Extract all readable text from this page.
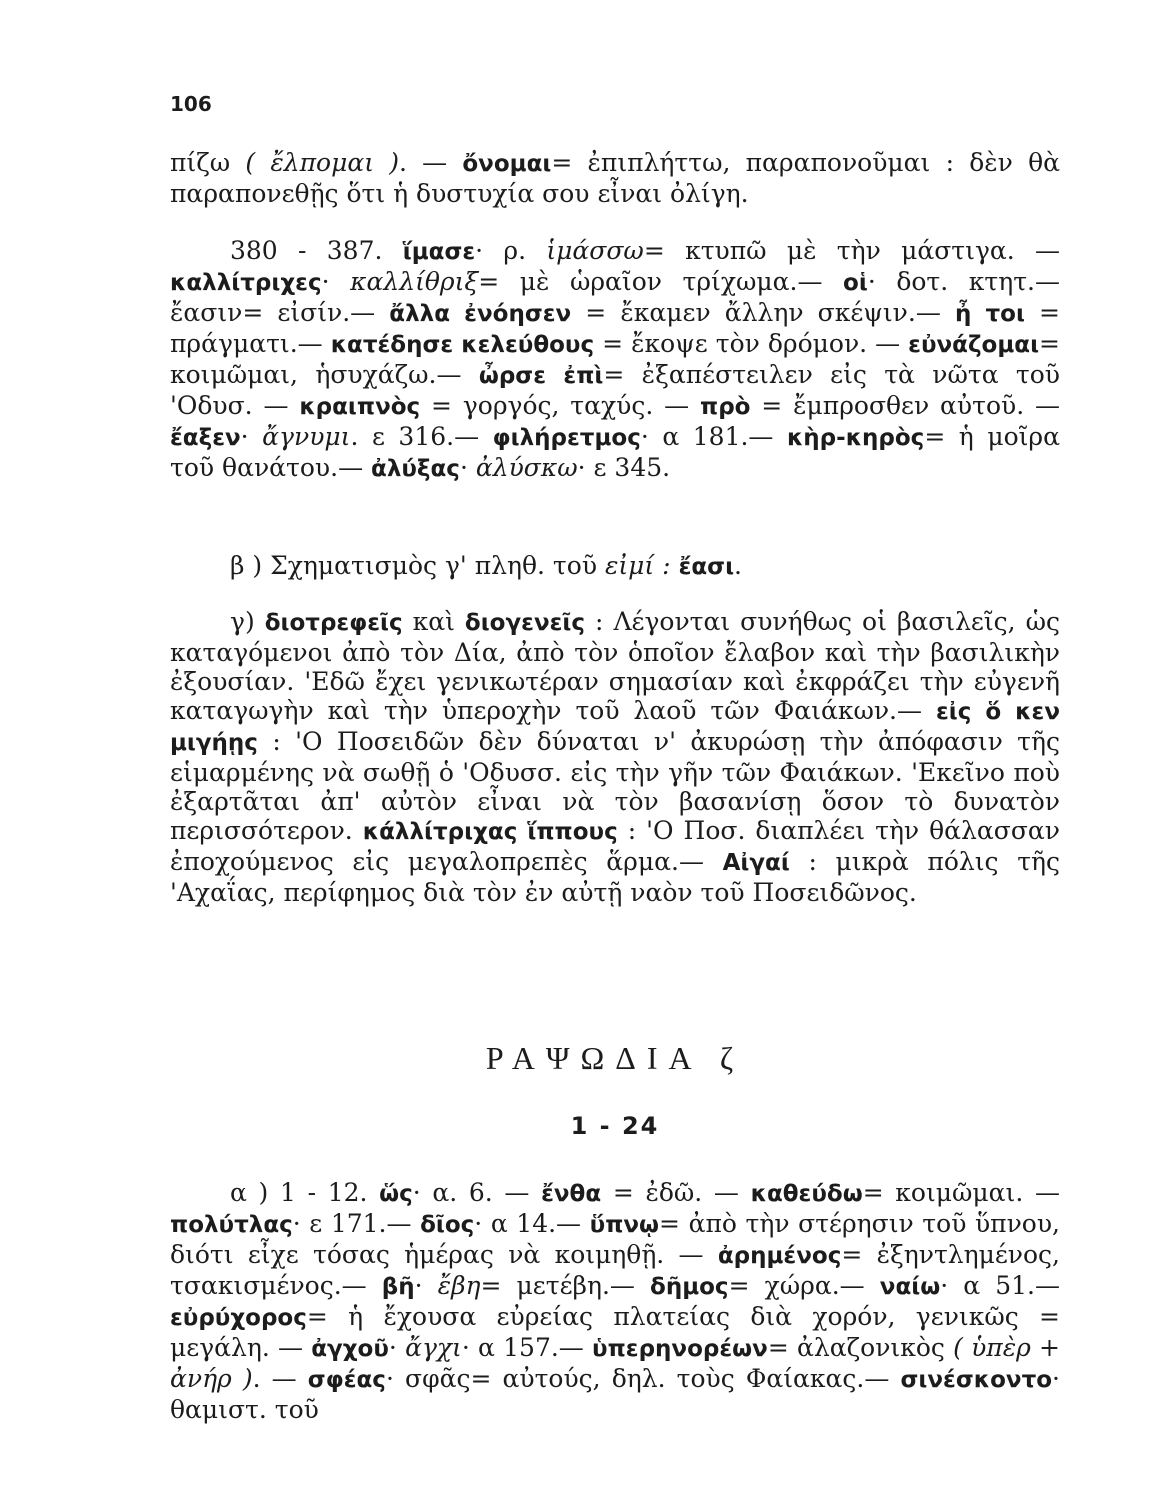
106

πίζω ( ἔλπομαι ). — ὄνομαι= ἐπιπλήττω, παραπονοῦμαι : δὲν θὰ παραπονεθῇς ὅτι ἡ δυστυχία σου εἶναι ὀλίγη.

380 - 387. ἵμασε· ρ. ἱμάσσω= κτυπῶ μὲ τὴν μάστιγα. — καλλίτριχες· καλλίθριξ= μὲ ὡραῖον τρίχωμα.— οἱ· δοτ. κτητ.— ἔασιν= εἰσίν.— ἄλλα ἐνόησεν = ἔκαμεν ἄλλην σκέψιν.— ἦ τοι = πράγματι.— κατέδησε κελεύθους = ἔκοψε τὸν δρόμον. — εὐνάζομαι= κοιμῶμαι, ἡσυχάζω.— ὦρσε ἐπὶ= ἐξαπέστειλεν εἰς τὰ νῶτα τοῦ 'Οδυσ. — κραιπνὸς = γοργός, ταχύς. — πρὸ = ἔμπροσθεν αὐτοῦ. — ἔαξεν· ἄγνυμι. ε 316.— φιλήρετμος· α 181.— κὴρ-κηρὸς= ἡ μοῖρα τοῦ θανάτου.— ἀλύξας· ἀλύσκω· ε 345.

β ) Σχηματισμὸς γ' πληθ. τοῦ εἰμί : ἔασι.

γ) διοτρεφεῖς καὶ διογενεῖς : Λέγονται συνήθως οἱ βασιλεῖς, ὡς καταγόμενοι ἀπὸ τὸν Δία, ἀπὸ τὸν ὁποῖον ἔλαβον καὶ τὴν βασιλικὴν ἐξουσίαν. 'Εδῶ ἔχει γενικωτέραν σημασίαν καὶ ἐκφράζει τὴν εὐγενῆ καταγωγὴν καὶ τὴν ὑπεροχὴν τοῦ λαοῦ τῶν Φαιάκων.— εἰς ὅ κεν μιγήῃς : 'Ο Ποσειδῶν δὲν δύναται ν' ἀκυρώσῃ τὴν ἀπόφασιν τῆς εἱμαρμένης νὰ σωθῇ ὁ 'Οδυσσ. εἰς τὴν γῆν τῶν Φαιάκων. 'Εκεῖνο ποὺ ἐξαρτᾶται ἀπ' αὐτὸν εἶναι νὰ τὸν βασανίσῃ ὅσον τὸ δυνατὸν περισσότερον. κάλλίτριχας ἵππους : 'Ο Ποσ. διαπλέει τὴν θάλασσαν ἐποχούμενος εἰς μεγαλοπρεπὲς ἅρμα.— Αἰγαί : μικρὰ πόλις τῆς 'Αχαΐας, περίφημος διὰ τὸν ἐν αὐτῇ ναὸν τοῦ Ποσειδῶνος.

ΡΑΨΩΔΙΑ ζ
1 - 24

α ) 1 - 12. ὥς· α. 6. — ἔνθα = ἐδῶ. — καθεύδω= κοιμῶμαι. — πολύτλας· ε 171.— δῖος· α 14.— ὕπνῳ= ἀπὸ τὴν στέρησιν τοῦ ὕπνου, διότι εἶχε τόσας ἡμέρας νὰ κοιμηθῇ. — ἀρημένος= ἐξηντλημένος, τσακισμένος.— βῆ· ἔβη= μετέβη.— δῆμος= χώρα.— ναίω· α 51.— εὐρύχορος= ἡ ἔχουσα εὐρείας πλατείας διὰ χορόν, γενικῶς = μεγάλη. — ἀγχοῦ· ἄγχι· α 157.— ὑπερηνορέων= ἀλαζονικὸς ( ὑπὲρ + ἀνήρ ). — σφέας· σφᾶς= αὐτούς, δηλ. τοὺς Φαίακας.— σινέσκοντο· θαμιστ. τοῦ
